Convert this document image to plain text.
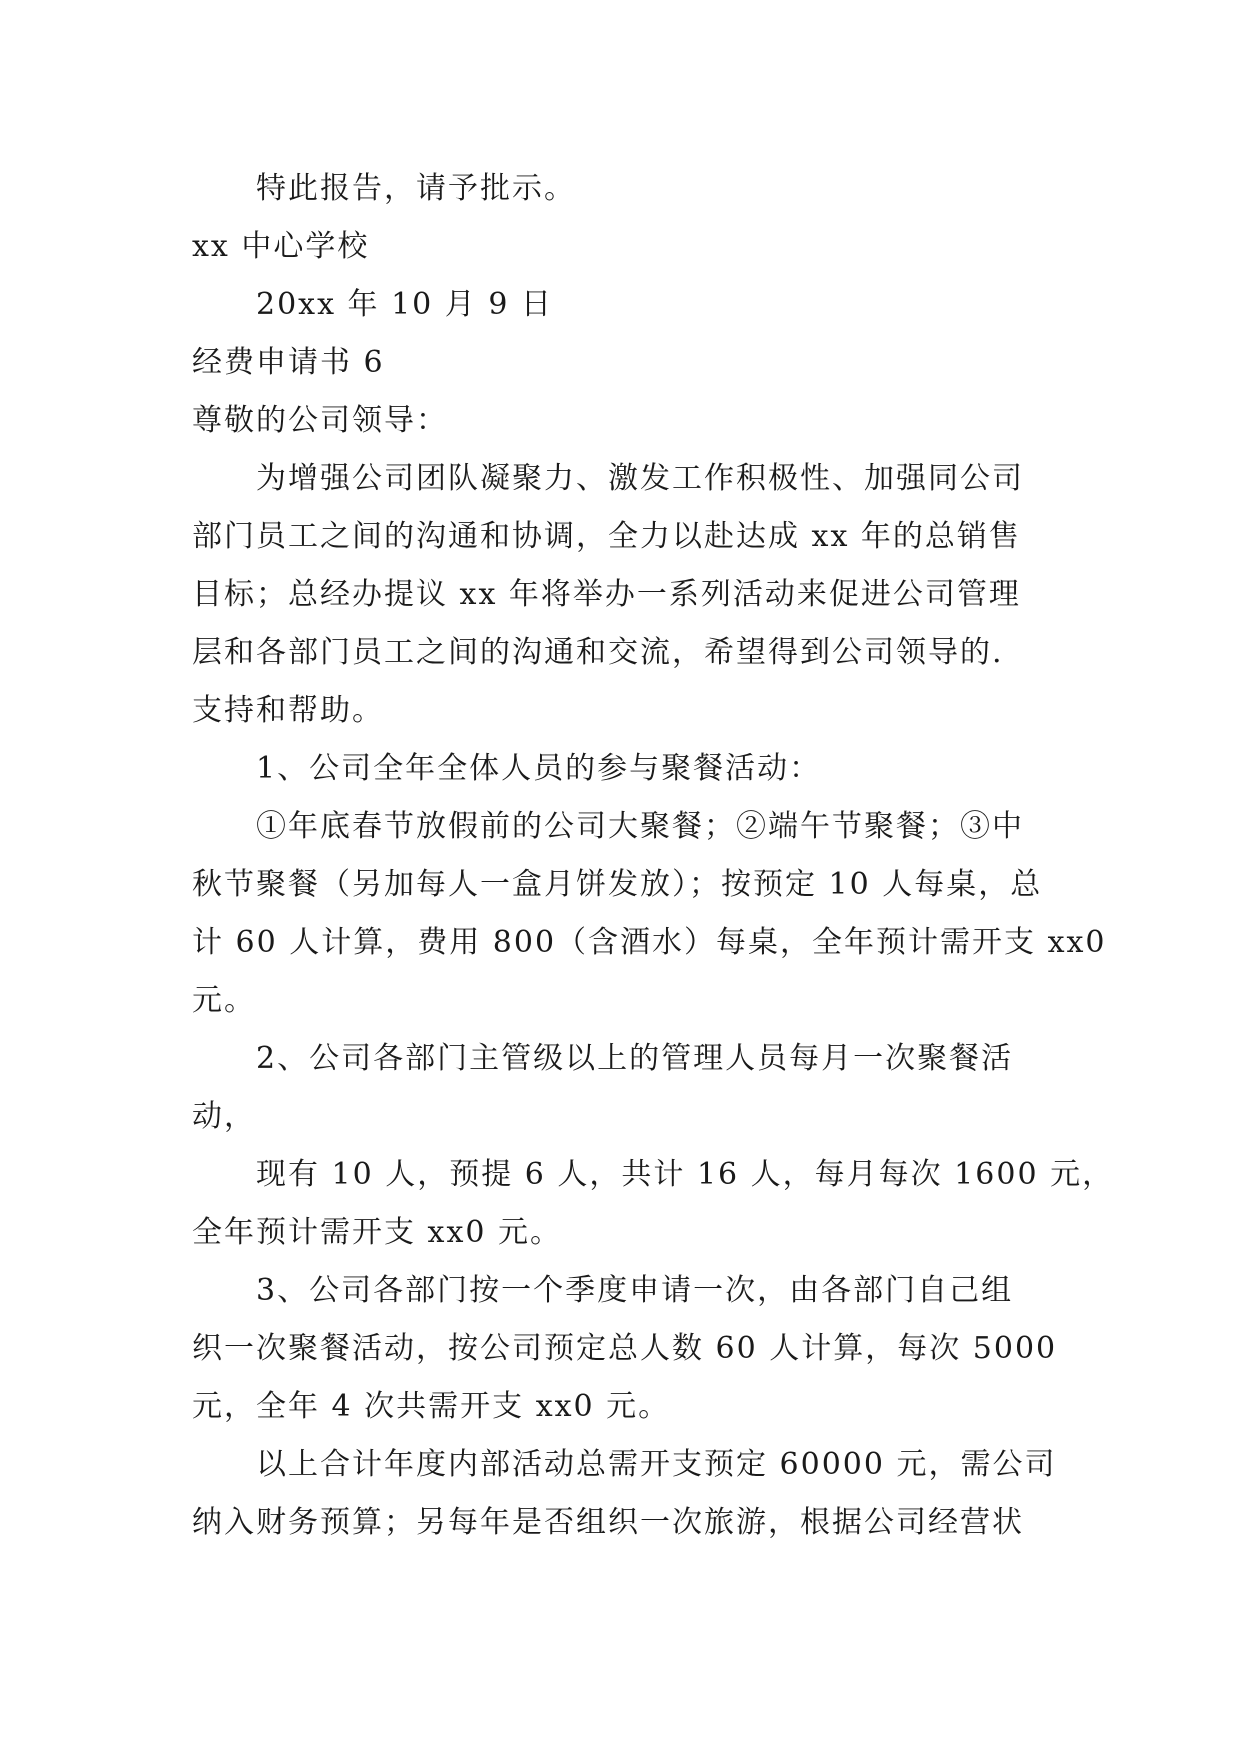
特此报告，请予批示。
xx 中心学校
20xx 年 10 月 9 日
经费申请书 6
尊敬的公司领导：
为增强公司团队凝聚力、激发工作积极性、加强同公司
部门员工之间的沟通和协调，全力以赴达成 xx 年的总销售
目标；总经办提议 xx 年将举办一系列活动来促进公司管理
层和各部门员工之间的沟通和交流，希望得到公司领导的.
支持和帮助。
1、公司全年全体人员的参与聚餐活动：
①年底春节放假前的公司大聚餐；②端午节聚餐；③中
秋节聚餐（另加每人一盒月饼发放）；按预定 10 人每桌，总
计 60 人计算，费用 800（含酒水）每桌，全年预计需开支 xx0
元。
2、公司各部门主管级以上的管理人员每月一次聚餐活
动，
现有 10 人，预提 6 人，共计 16 人，每月每次 1600 元，
全年预计需开支 xx0 元。
3、公司各部门按一个季度申请一次，由各部门自己组
织一次聚餐活动，按公司预定总人数 60 人计算，每次 5000
元，全年 4 次共需开支 xx0 元。
以上合计年度内部活动总需开支预定 60000 元，需公司
纳入财务预算；另每年是否组织一次旅游，根据公司经营状
